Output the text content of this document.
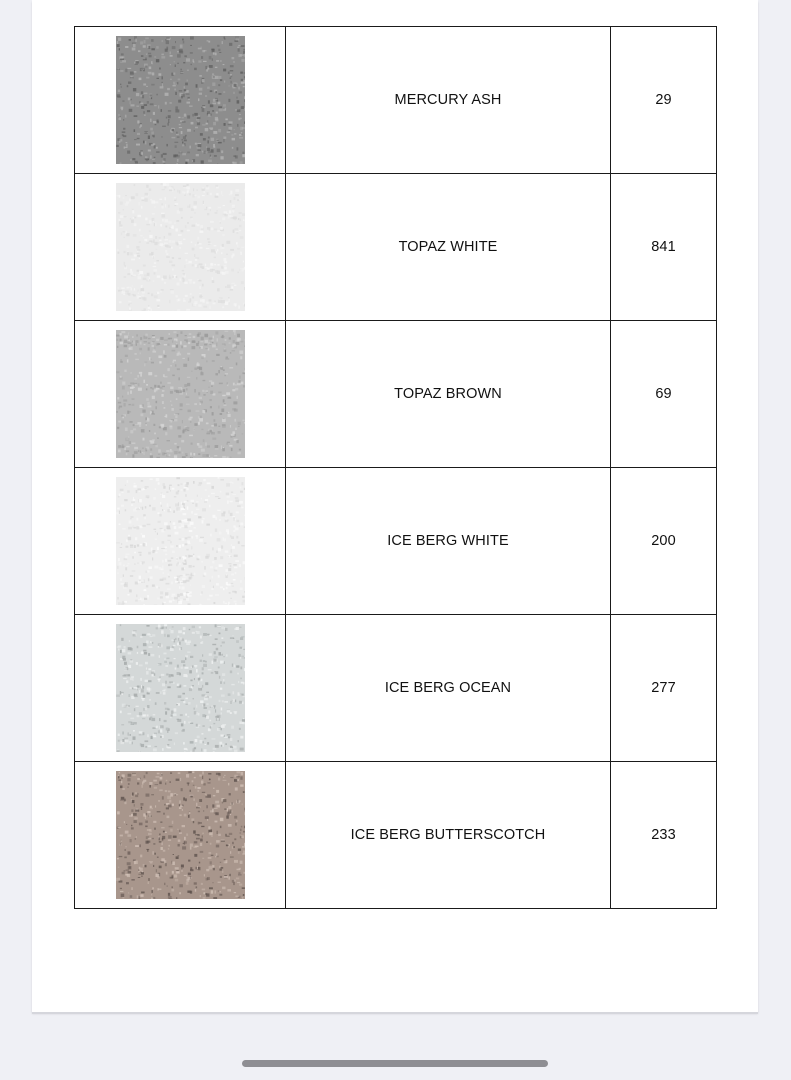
	MERCURY ASH	29

	TOPAZ WHITE	841

	TOPAZ BROWN	69

	ICE BERG WHITE	200

	ICE BERG OCEAN	277

	ICE BERG BUTTERSCOTCH	233
